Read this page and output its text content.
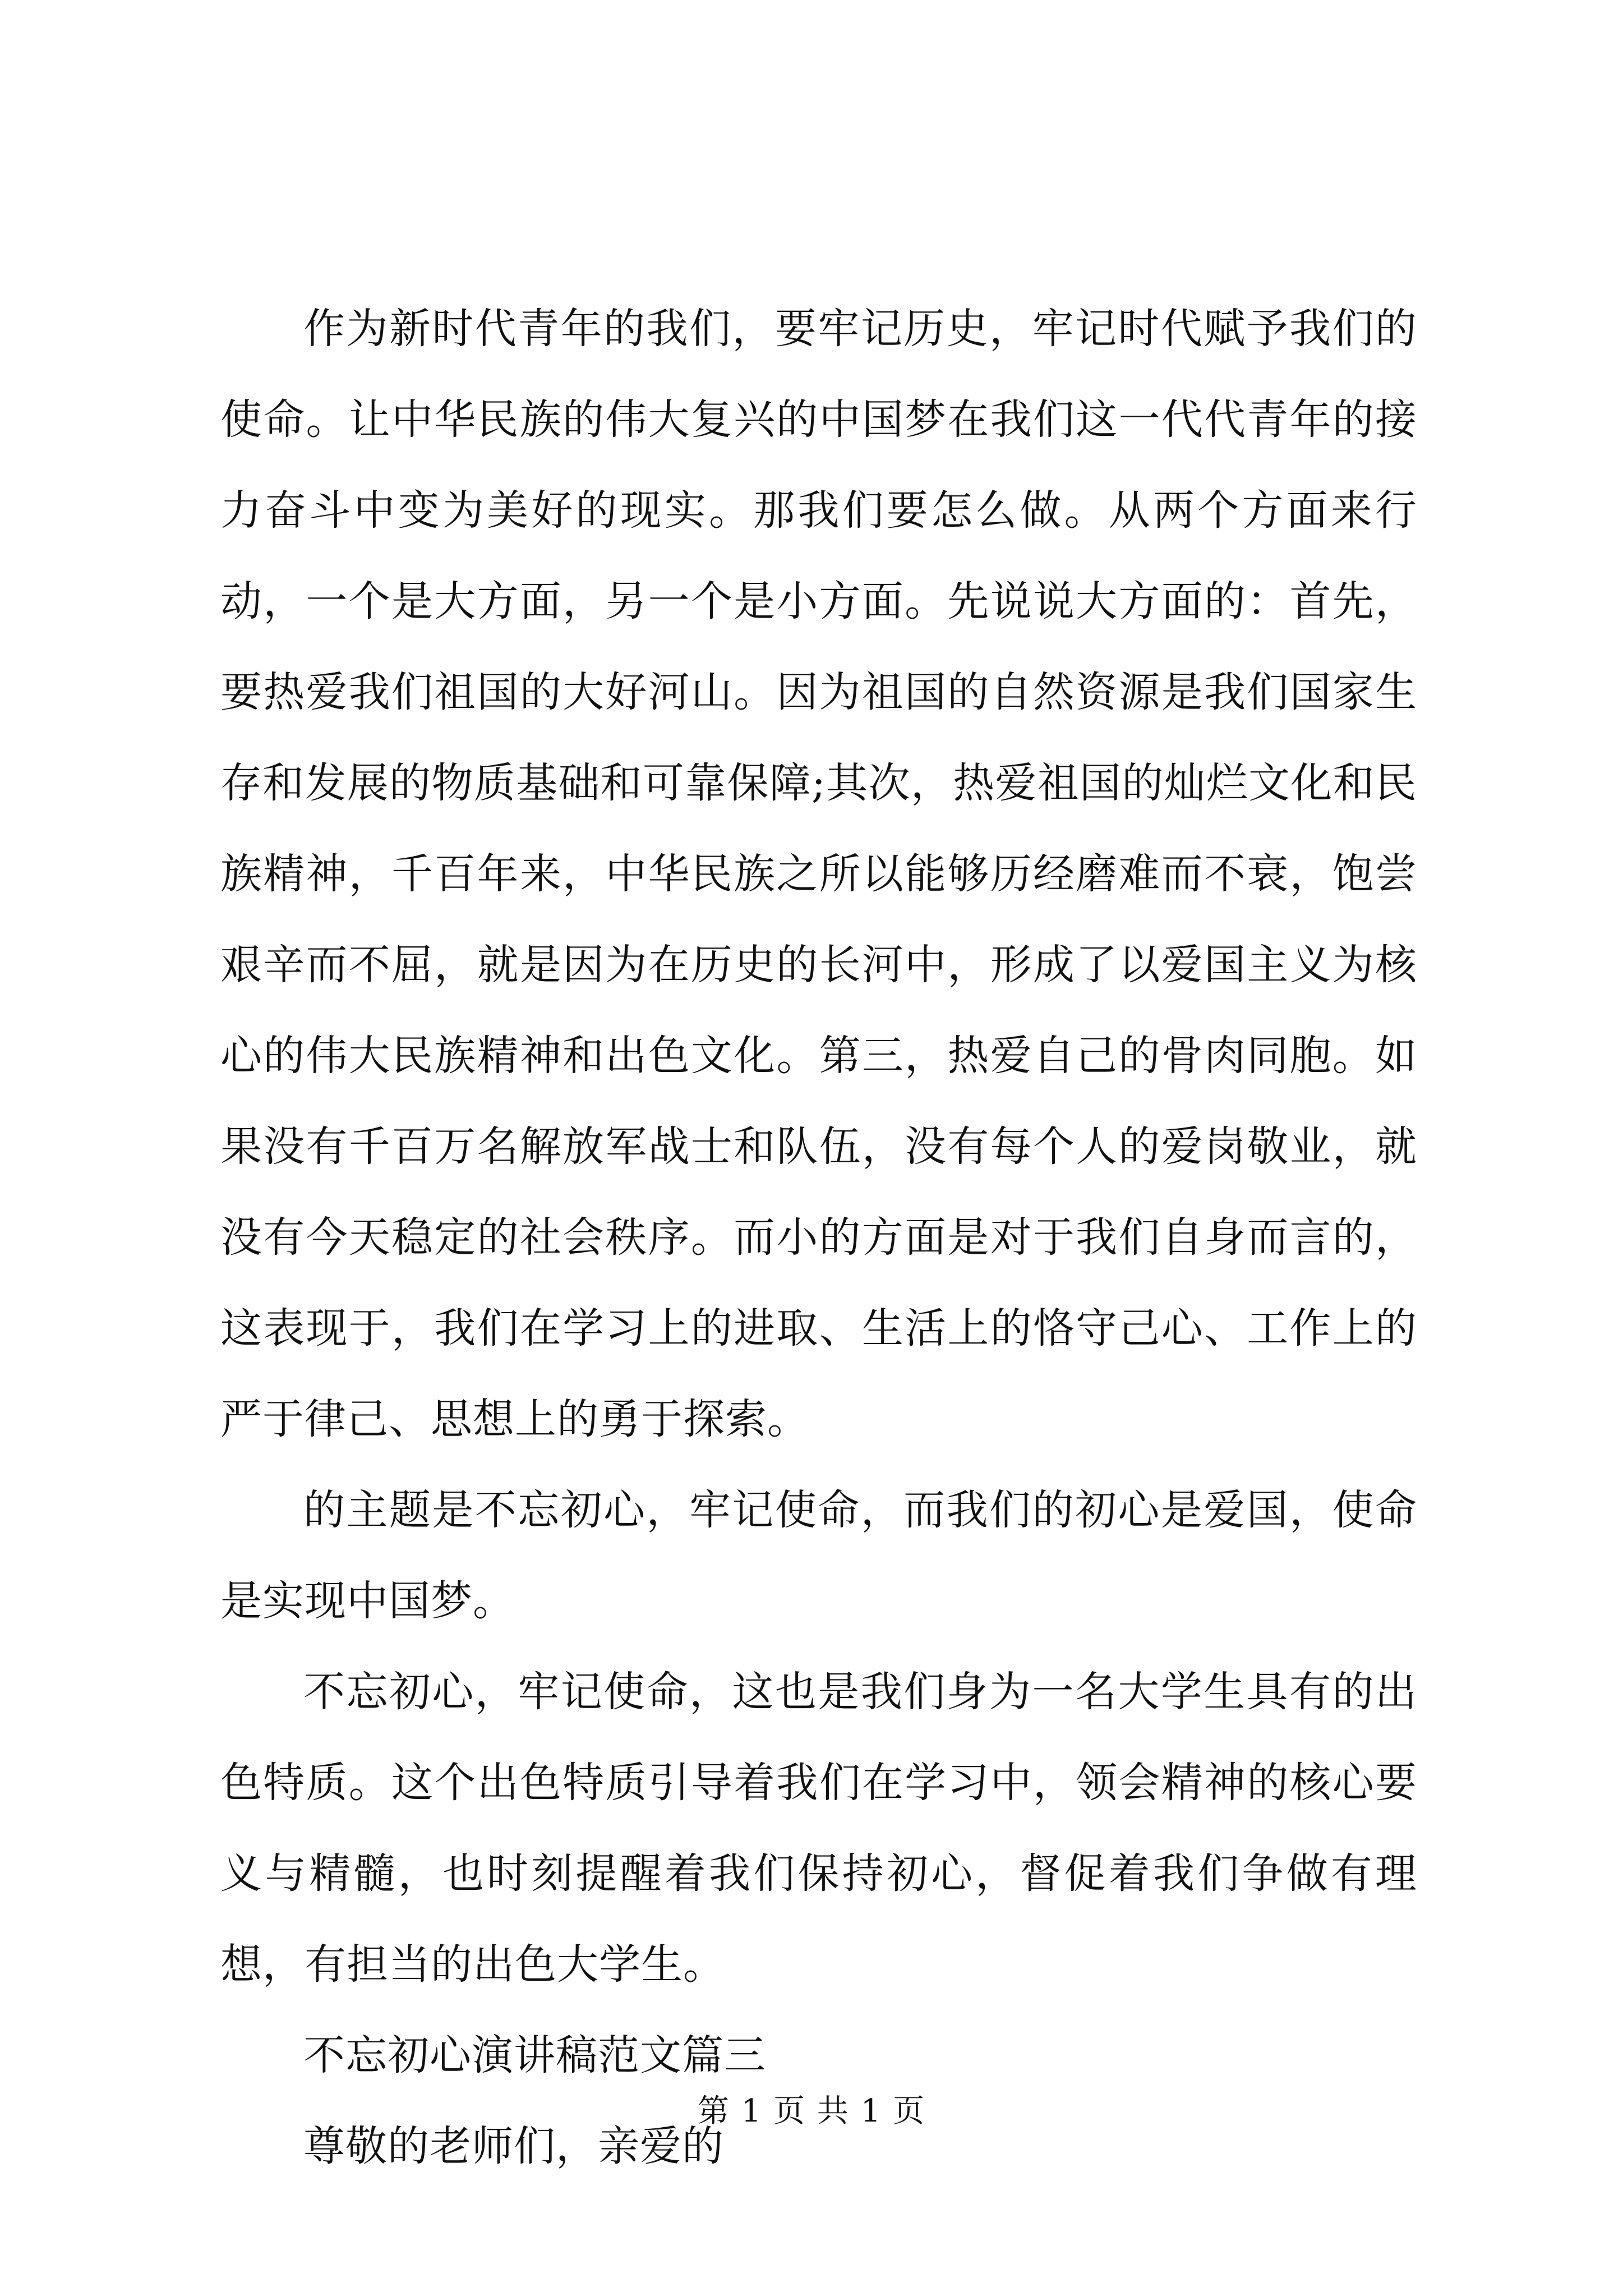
作为新时代青年的我们，要牢记历史，牢记时代赋予我们的使命。让中华民族的伟大复兴的中国梦在我们这一代代青年的接力奋斗中变为美好的现实。那我们要怎么做。从两个方面来行动，一个是大方面，另一个是小方面。先说说大方面的：首先，要热爱我们祖国的大好河山。因为祖国的自然资源是我们国家生存和发展的物质基础和可靠保障;其次，热爱祖国的灿烂文化和民族精神，千百年来，中华民族之所以能够历经磨难而不衰，饱尝艰辛而不屈，就是因为在历史的长河中，形成了以爱国主义为核心的伟大民族精神和出色文化。第三，热爱自己的骨肉同胞。如果没有千百万名解放军战士和队伍，没有每个人的爱岗敬业，就没有今天稳定的社会秩序。而小的方面是对于我们自身而言的，这表现于，我们在学习上的进取、生活上的恪守己心、工作上的严于律己、思想上的勇于探索。

的主题是不忘初心，牢记使命，而我们的初心是爱国，使命是实现中国梦。

不忘初心，牢记使命，这也是我们身为一名大学生具有的出色特质。这个出色特质引导着我们在学习中，领会精神的核心要义与精髓，也时刻提醒着我们保持初心，督促着我们争做有理想，有担当的出色大学生。

不忘初心演讲稿范文篇三

尊敬的老师们，亲爱的

第 1 页 共 1 页
